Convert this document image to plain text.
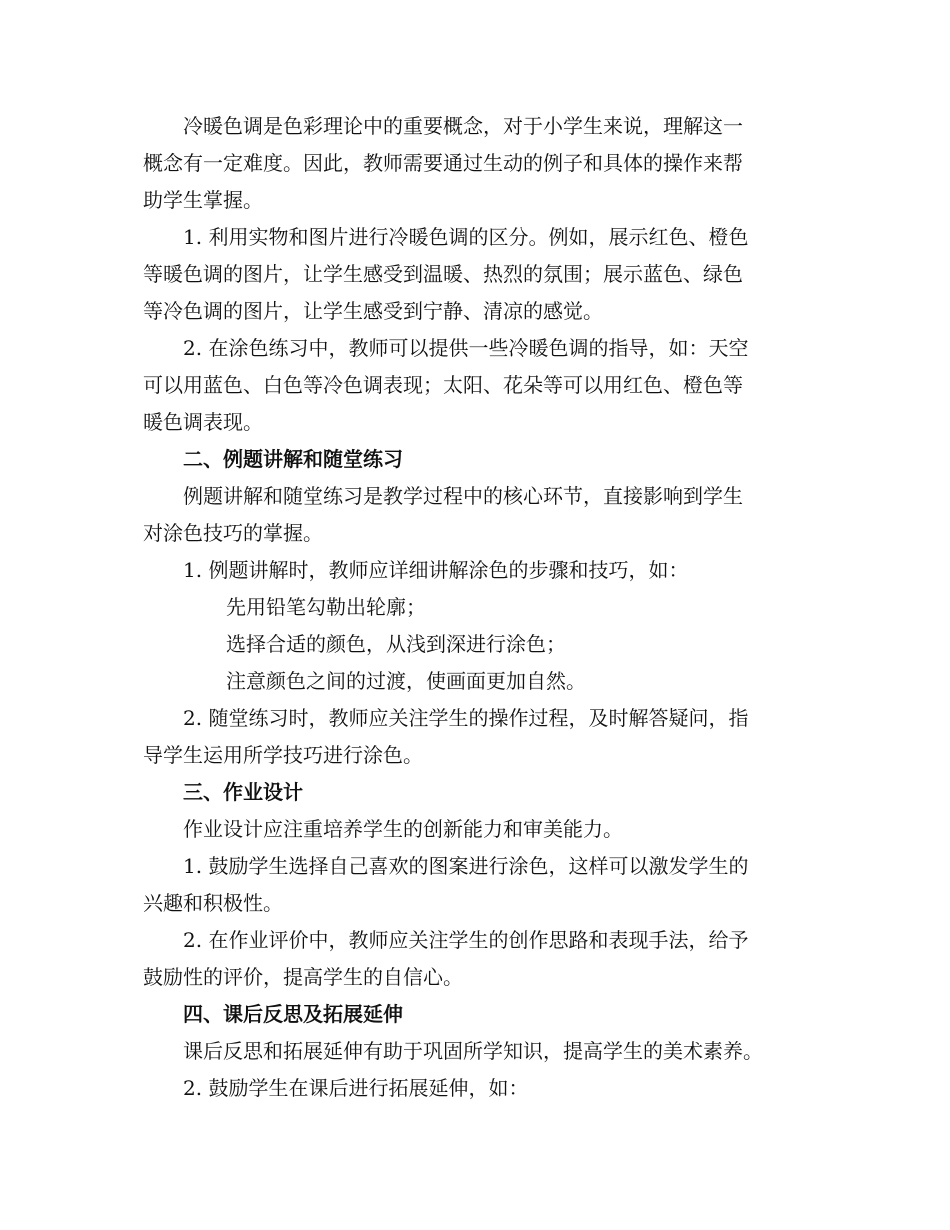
冷暖色调是色彩理论中的重要概念，对于小学生来说，理解这一

概念有一定难度。因此，教师需要通过生动的例子和具体的操作来帮

助学生掌握。

1. 利用实物和图片进行冷暖色调的区分。例如，展示红色、橙色

等暖色调的图片，让学生感受到温暖、热烈的氛围；展示蓝色、绿色

等冷色调的图片，让学生感受到宁静、清凉的感觉。

2. 在涂色练习中，教师可以提供一些冷暖色调的指导，如：天空

可以用蓝色、白色等冷色调表现；太阳、花朵等可以用红色、橙色等

暖色调表现。

二、例题讲解和随堂练习

例题讲解和随堂练习是教学过程中的核心环节，直接影响到学生

对涂色技巧的掌握。

1. 例题讲解时，教师应详细讲解涂色的步骤和技巧，如：

先用铅笔勾勒出轮廓；

选择合适的颜色，从浅到深进行涂色；

注意颜色之间的过渡，使画面更加自然。

2. 随堂练习时，教师应关注学生的操作过程，及时解答疑问，指

导学生运用所学技巧进行涂色。

三、作业设计

作业设计应注重培养学生的创新能力和审美能力。

1. 鼓励学生选择自己喜欢的图案进行涂色，这样可以激发学生的

兴趣和积极性。

2. 在作业评价中，教师应关注学生的创作思路和表现手法，给予

鼓励性的评价，提高学生的自信心。

四、课后反思及拓展延伸

课后反思和拓展延伸有助于巩固所学知识，提高学生的美术素养。

2. 鼓励学生在课后进行拓展延伸，如：
